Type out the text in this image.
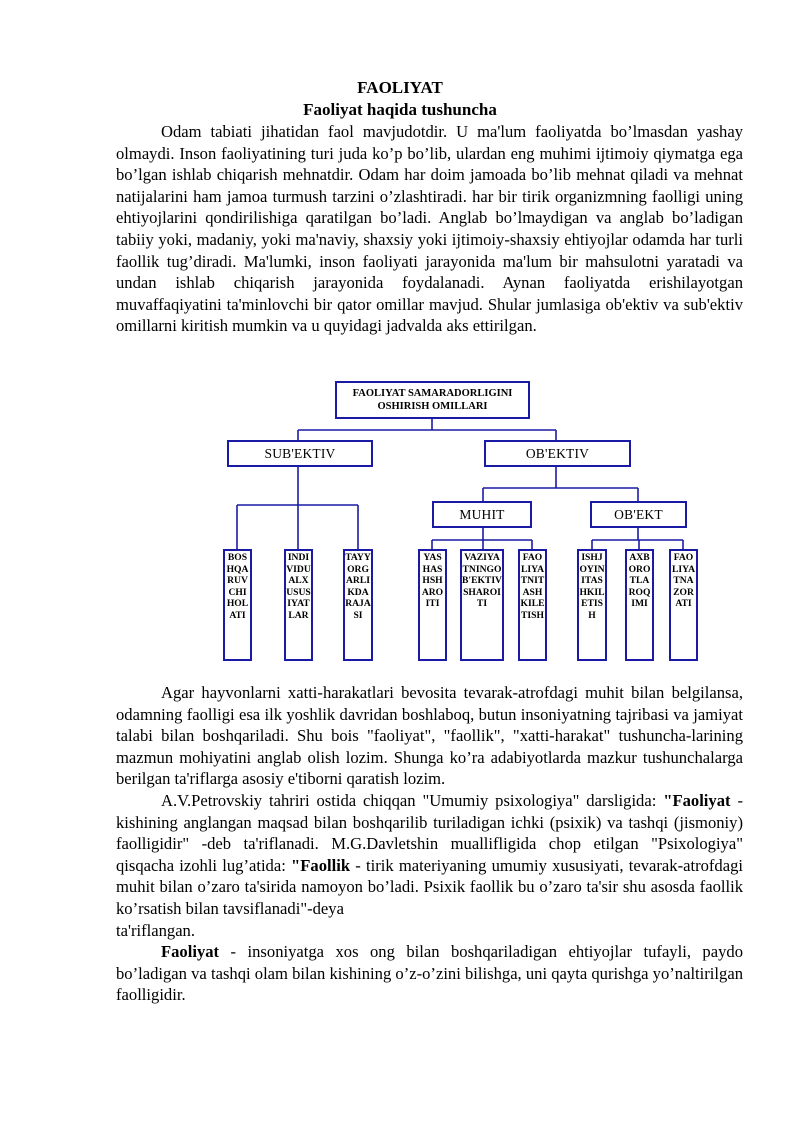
FAOLIYAT
Faoliyat haqida tushuncha

Odam tabiati jihatidan faol mavjudotdir. U ma'lum faoliyatda bo’lmasdan yashay olmaydi. Inson faoliyatining turi juda ko’p bo’lib, ulardan eng muhimi ijtimoiy qiymatga ega bo’lgan ishlab chiqarish mehnatdir. Odam har doim jamoada bo’lib mehnat qiladi va mehnat natijalarini ham jamoa turmush tarzini o’zlashtiradi. har bir tirik organizmning faolligi uning ehtiyojlarini qondirilishiga qaratilgan bo’ladi. Anglab bo’lmaydigan va anglab bo’ladigan tabiiy yoki, madaniy, yoki ma'naviy, shaxsiy yoki ijtimoiy-shaxsiy ehtiyojlar odamda har turli faollik tug’diradi. Ma'lumki, inson faoliyati jarayonida ma'lum bir mahsulotni yaratadi va undan ishlab chiqarish jarayonida foydalanadi. Aynan faoliyatda erishilayotgan muvaffaqiyatini ta'minlovchi bir qator omillar mavjud. Shular jumlasiga ob'ektiv va sub'ektiv omillarni kiritish mumkin va u quyidagi jadvalda aks ettirilgan.

FAOLIYAT SAMARADORLIGINI OSHIRISH OMILLARI
SUB'EKTIV	OB'EKTIV
MUHIT	OB'EKT
BOSHQARUVCHIHOLATI
INDIVIDUALXUSUSIYATLAR
TAYYORGARLIKDARAJASI
YASHASHSHAROITI
VAZIYATNINGOB'EKTIVSHAROITI
FAOLIYATNITASHKILETISH
ISHJOYINITASHKILETISH
AXBOROTLAROQIMI
FAOLIYATNAZORATI

Agar hayvonlarni xatti-harakatlari bevosita tevarak-atrofdagi muhit bilan belgilansa, odamning faolligi esa ilk yoshlik davridan boshlaboq, butun insoniyatning tajribasi va jamiyat talabi bilan boshqariladi. Shu bois "faoliyat", "faollik", "xatti-harakat" tushuncha-larining mazmun mohiyatini anglab olish lozim. Shunga ko’ra adabiyotlarda mazkur tushunchalarga berilgan ta'riflarga asosiy e'tiborni qaratish lozim.

A.V.Petrovskiy tahriri ostida chiqqan "Umumiy psixologiya" darsligida: "Faoliyat - kishining anglangan maqsad bilan boshqarilib turiladigan ichki (psixik) va tashqi (jismoniy) faolligidir" -deb ta'riflanadi. M.G.Davletshin muallifligida chop etilgan "Psixologiya" qisqacha izohli lug’atida: "Faollik - tirik materiyaning umumiy xususiyati, tevarak-atrofdagi muhit bilan o’zaro ta'sirida namoyon bo’ladi. Psixik faollik bu o’zaro ta'sir shu asosda faollik ko’rsatish bilan tavsiflanadi"-deya

ta'riflangan.

Faoliyat - insoniyatga xos ong bilan boshqariladigan ehtiyojlar tufayli, paydo bo’ladigan va tashqi olam bilan kishining o’z-o’zini bilishga, uni qayta qurishga yo’naltirilgan faolligidir.
